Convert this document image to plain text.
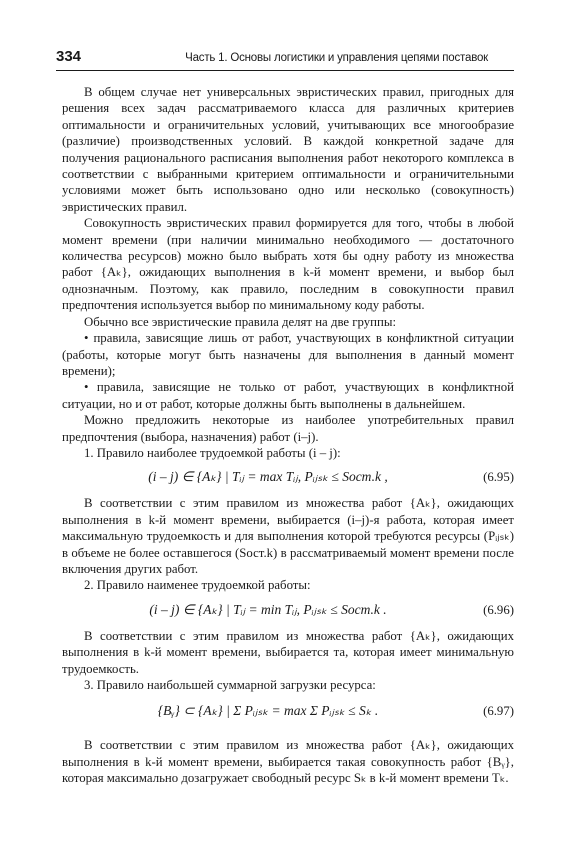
334	Часть 1. Основы логистики и управления цепями поставок

В общем случае нет универсальных эвристических правил, пригодных для решения всех задач рассматриваемого класса для различных критериев оптимальности и ограничительных условий, учитывающих все многообразие (различие) производственных условий. В каждой конкретной задаче для получения рационального расписания выполнения работ некоторого комплекса в соответствии с выбранными критерием оптимальности и ограничительными условиями может быть использовано одно или несколько (совокупность) эвристических правил.

Совокупность эвристических правил формируется для того, чтобы в любой момент времени (при наличии минимально необходимого — достаточного количества ресурсов) можно было выбрать хотя бы одну работу из множества работ {Aₖ}, ожидающих выполнения в k-й момент времени, и выбор был однозначным. Поэтому, как правило, последним в совокупности правил предпочтения используется выбор по минимальному коду работы.

Обычно все эвристические правила делят на две группы:

• правила, зависящие лишь от работ, участвующих в конфликтной ситуации (работы, которые могут быть назначены для выполнения в данный момент времени);

• правила, зависящие не только от работ, участвующих в конфликтной ситуации, но и от работ, которые должны быть выполнены в дальнейшем.

Можно предложить некоторые из наиболее употребительных правил предпочтения (выбора, назначения) работ (i–j).

1. Правило наиболее трудоемкой работы (i – j):

(i – j) ∈ {Aₖ} | Tᵢⱼ = max Tᵢⱼ, Pᵢⱼₛₖ ≤ Sост.k ,	(6.95)

В соответствии с этим правилом из множества работ {Aₖ}, ожидающих выполнения в k-й момент времени, выбирается (i–j)-я работа, которая имеет максимальную трудоемкость и для выполнения которой требуются ресурсы (Pᵢⱼₛₖ) в объеме не более оставшегося (Sост.k) в рассматриваемый момент времени после включения других работ.

2. Правило наименее трудоемкой работы:

(i – j) ∈ {Aₖ} | Tᵢⱼ = min Tᵢⱼ, Pᵢⱼₛₖ ≤ Sост.k .	(6.96)

В соответствии с этим правилом из множества работ {Aₖ}, ожидающих выполнения в k-й момент времени, выбирается та, которая имеет минимальную трудоемкость.

3. Правило наибольшей суммарной загрузки ресурса:

{Bᵧ} ⊂ {Aₖ} | Σ Pᵢⱼₛₖ = max Σ Pᵢⱼₛₖ ≤ Sₖ .	(6.97)

В соответствии с этим правилом из множества работ {Aₖ}, ожидающих выполнения в k-й момент времени, выбирается такая совокупность работ {Bᵧ}, которая максимально дозагружает свободный ресурс Sₖ в k-й момент времени Tₖ.
